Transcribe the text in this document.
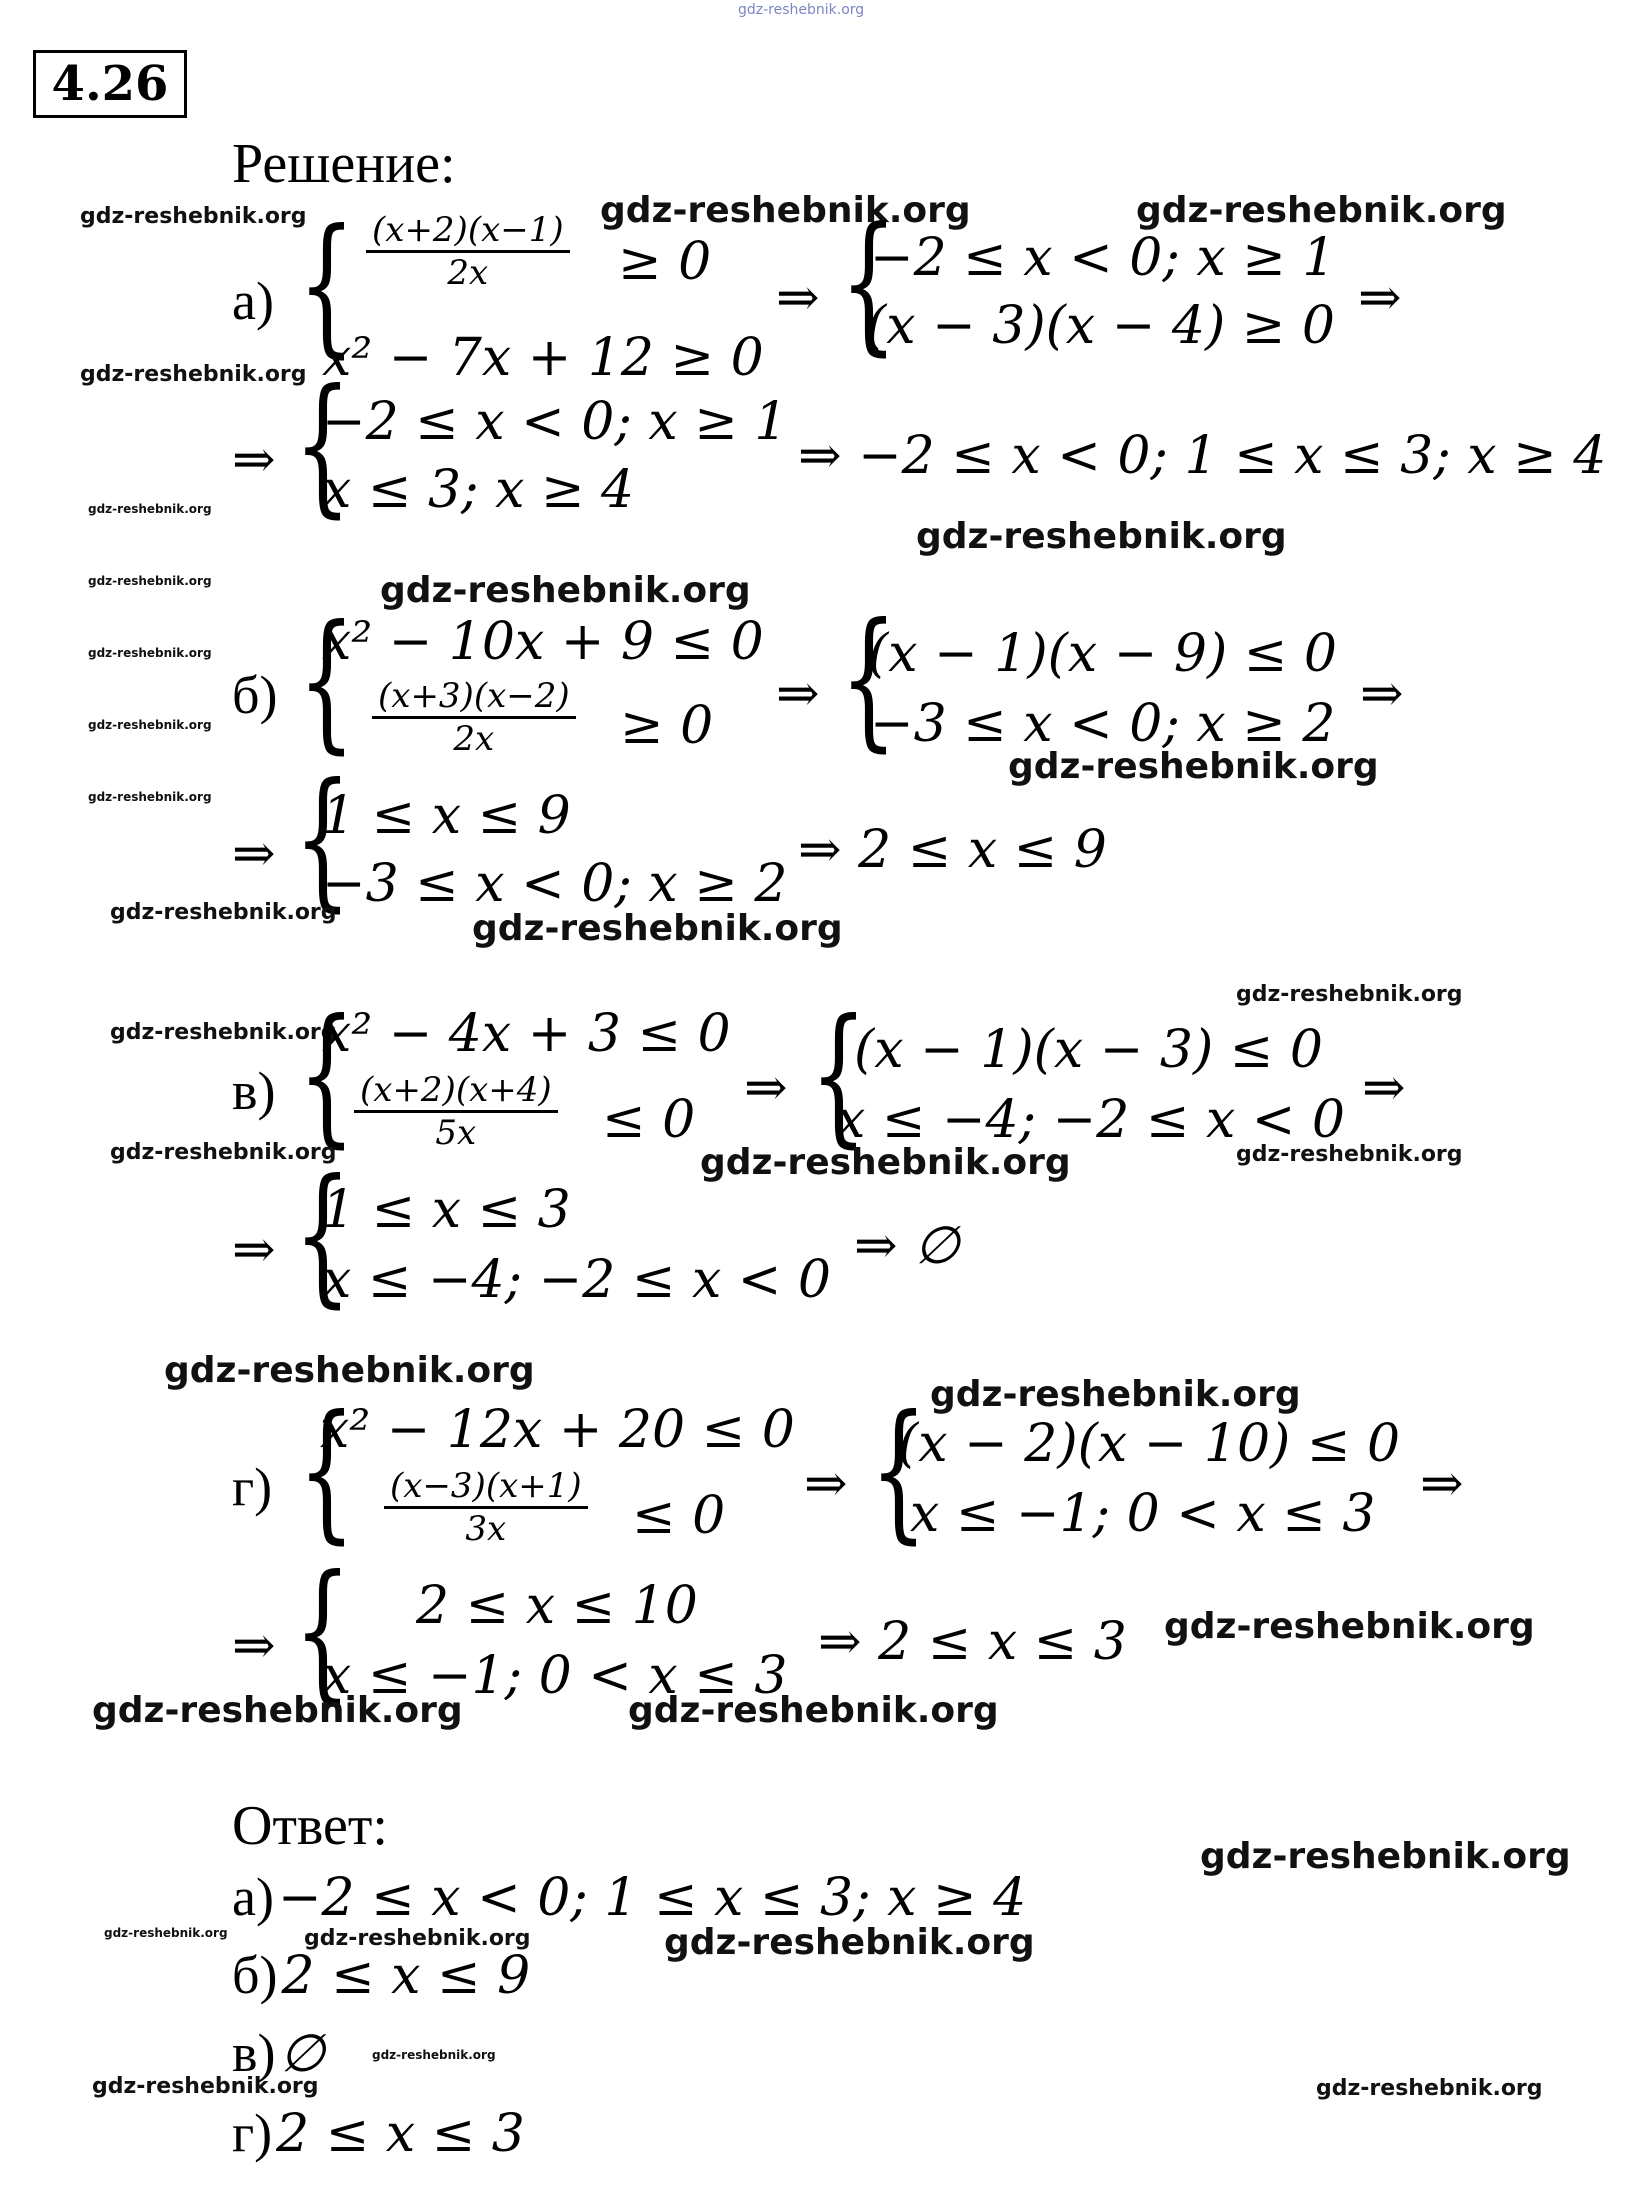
gdz-reshebnik.org
4.26
Решение:
gdz-reshebnik.org	gdz-reshebnik.org	gdz-reshebnik.org
gdz-reshebnik.org
а) { $\frac{(x+2)(x-1)}{2x} \ge 0$
x² − 7x + 12 ≥ 0
⇒ {
−2 ≤ x < 0; x ≥ 1
(x − 3)(x − 4) ≥ 0 ⇒
⇒ {
−2 ≤ x < 0; x ≥ 1
x ≤ 3; x ≥ 4
⇒ −2 ≤ x < 0; 1 ≤ x ≤ 3; x ≥ 4
gdz-reshebnik.org
gdz-reshebnik.org
gdz-reshebnik.org	gdz-reshebnik.org
gdz-reshebnik.org
gdz-reshebnik.org
gdz-reshebnik.org
б) {
x² − 10x + 9 ≤ 0
$\frac{(x+3)(x-2)}{2x} \ge 0$
⇒ {
(x − 1)(x − 9) ≤ 0
−3 ≤ x < 0; x ≥ 2 ⇒
gdz-reshebnik.org
⇒ {
1 ≤ x ≤ 9
−3 ≤ x < 0; x ≥ 2
⇒ 2 ≤ x ≤ 9
gdz-reshebnik.org	gdz-reshebnik.org
gdz-reshebnik.org
gdz-reshebnik.org
в) {
x² − 4x + 3 ≤ 0
$\frac{(x+2)(x+4)}{5x} \le 0$
⇒ {
(x − 1)(x − 3) ≤ 0
x ≤ −4; −2 ≤ x < 0
⇒
gdz-reshebnik.org	gdz-reshebnik.org	gdz-reshebnik.org
⇒ {
1 ≤ x ≤ 3
x ≤ −4; −2 ≤ x < 0
⇒ ∅
gdz-reshebnik.org
gdz-reshebnik.org
г) {
x² − 12x + 20 ≤ 0
$\frac{(x-3)(x+1)}{3x} \le 0$
⇒ {
(x − 2)(x − 10) ≤ 0
x ≤ −1; 0 < x ≤ 3 ⇒
⇒ { 2 ≤ x ≤ 10
x ≤ −1; 0 < x ≤ 3
⇒ 2 ≤ x ≤ 3 gdz-reshebnik.org
gdz-reshebnik.org	gdz-reshebnik.org
Ответ:	gdz-reshebnik.org
а) −2 ≤ x < 0; 1 ≤ x ≤ 3; x ≥ 4
gdz-reshebnik.org	gdz-reshebnik.org	gdz-reshebnik.org
б) 2 ≤ x ≤ 9
в) ∅	gdz-reshebnik.org
gdz-reshebnik.org	gdz-reshebnik.org
г) 2 ≤ x ≤ 3
